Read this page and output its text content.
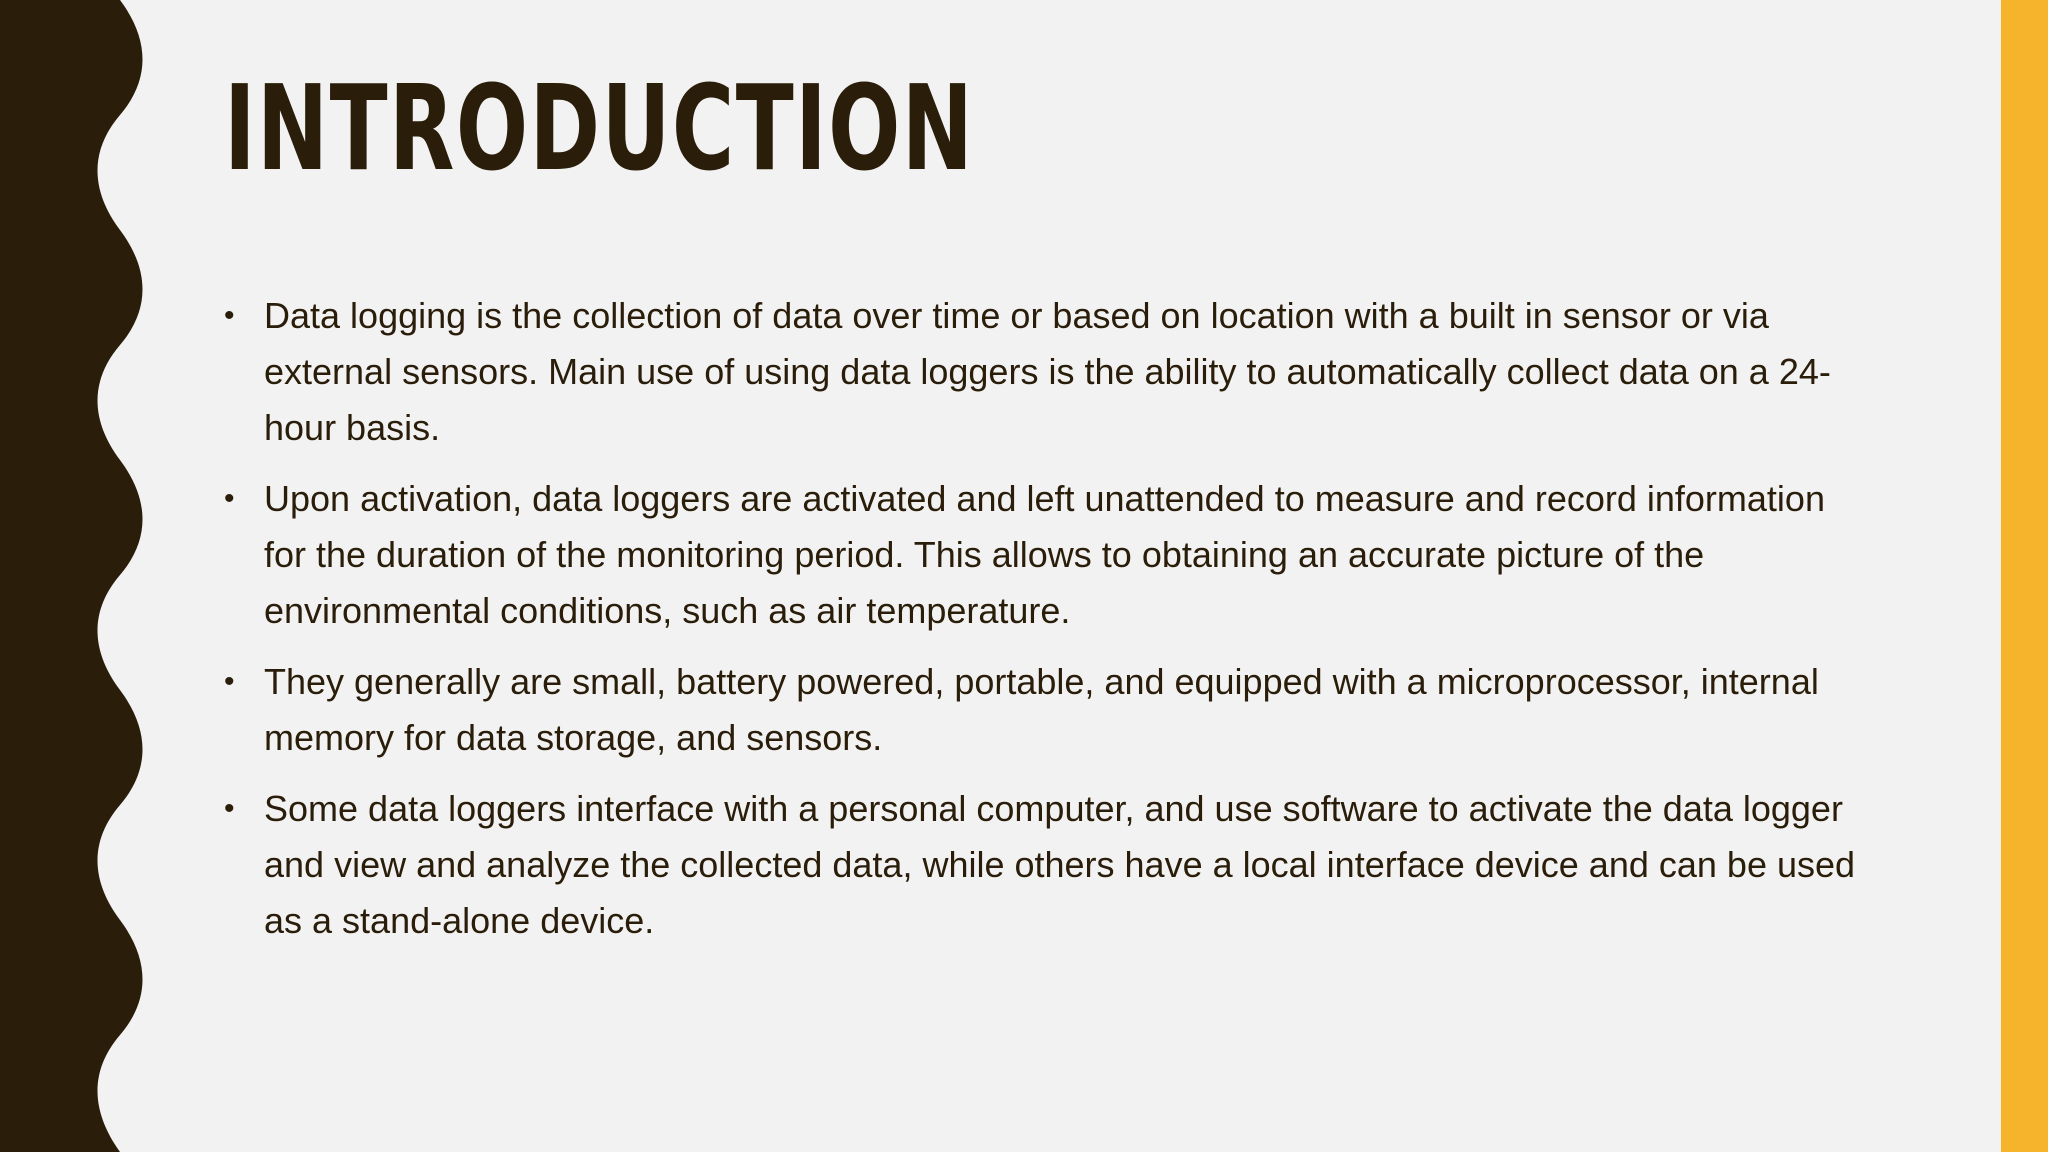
INTRODUCTION
• Data logging is the collection of data over time or based on location with a built in sensor or via external sensors. Main use of using data loggers is the ability to automatically collect data on a 24-hour basis.
• Upon activation, data loggers are activated and left unattended to measure and record information for the duration of the monitoring period. This allows to obtaining an accurate picture of the environmental conditions, such as air temperature.
• They generally are small, battery powered, portable, and equipped with a microprocessor, internal memory for data storage, and sensors.
• Some data loggers interface with a personal computer, and use software to activate the data logger and view and analyze the collected data, while others have a local interface device and can be used as a stand-alone device.
